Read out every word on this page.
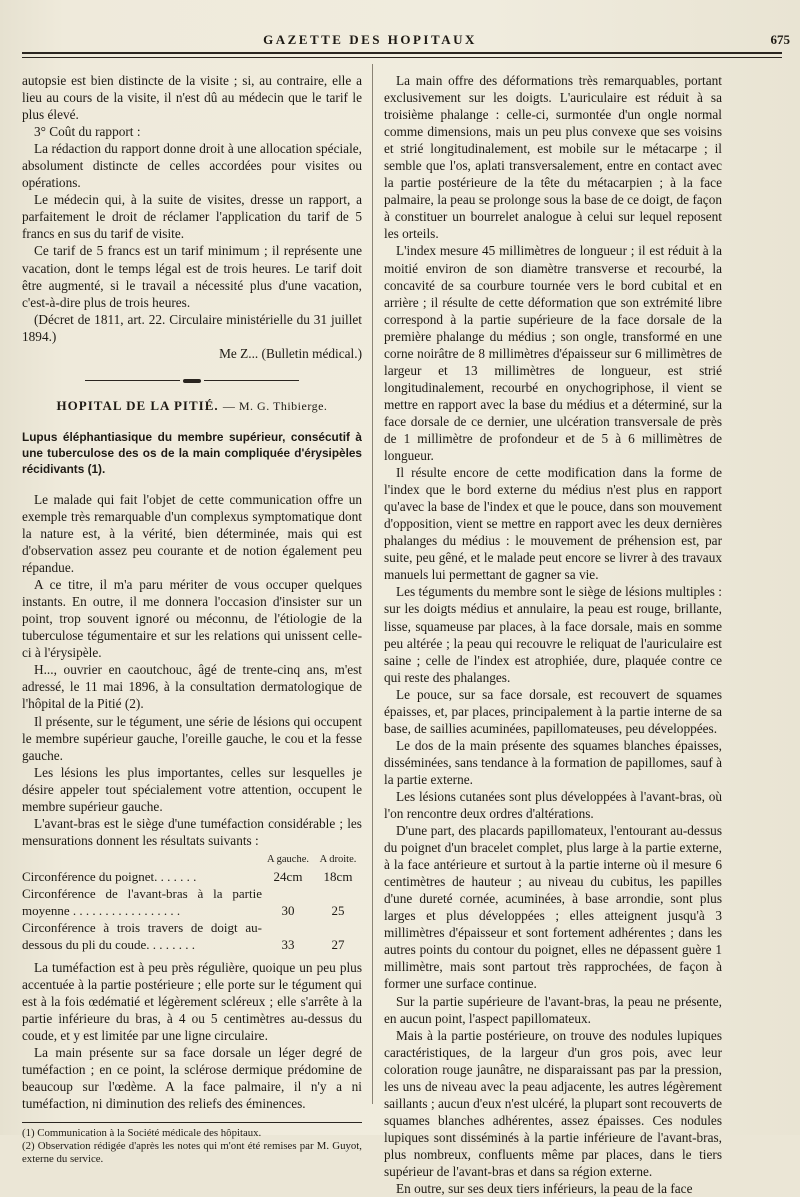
GAZETTE DES HOPITAUX	675

autopsie est bien distincte de la visite ; si, au contraire, elle a lieu au cours de la visite, il n'est dû au médecin que le tarif le plus élevé.

3° Coût du rapport :

La rédaction du rapport donne droit à une allocation spéciale, absolument distincte de celles accordées pour visites ou opérations.

Le médecin qui, à la suite de visites, dresse un rapport, a parfaitement le droit de réclamer l'application du tarif de 5 francs en sus du tarif de visite.

Ce tarif de 5 francs est un tarif minimum ; il représente une vacation, dont le temps légal est de trois heures. Le tarif doit être augmenté, si le travail a nécessité plus d'une vacation, c'est-à-dire plus de trois heures.

(Décret de 1811, art. 22. Circulaire ministérielle du 31 juillet 1894.)

Me Z... (Bulletin médical.)

HOPITAL DE LA PITIÉ. — M. G. Thibierge.
Lupus éléphantiasique du membre supérieur, consécutif à une tuberculose des os de la main compliquée d'érysipèles récidivants (1).

Le malade qui fait l'objet de cette communication offre un exemple très remarquable d'un complexus symptomatique dont la nature est, à la vérité, bien déterminée, mais qui est d'observation assez peu courante et de notion également peu répandue.

A ce titre, il m'a paru mériter de vous occuper quelques instants. En outre, il me donnera l'occasion d'insister sur un point, trop souvent ignoré ou méconnu, de l'étiologie de la tuberculose tégumentaire et sur les relations qui unissent celle-ci à l'érysipèle.

H..., ouvrier en caoutchouc, âgé de trente-cinq ans, m'est adressé, le 11 mai 1896, à la consultation dermatologique de l'hôpital de la Pitié (2).

Il présente, sur le tégument, une série de lésions qui occupent le membre supérieur gauche, l'oreille gauche, le cou et la fesse gauche.

Les lésions les plus importantes, celles sur lesquelles je désire appeler tout spécialement votre attention, occupent le membre supérieur gauche.

L'avant-bras est le siège d'une tuméfaction considérable ; les mensurations donnent les résultats suivants :

A gauche.	A droite.
Circonférence du poignet. . . . . . .	24cm	18cm
Circonférence de l'avant-bras à la partie moyenne . . . . . . . . . . . . . . . . .	30	25
Circonférence à trois travers de doigt au-dessous du pli du coude. . . . . . . .	33	27

La tuméfaction est à peu près régulière, quoique un peu plus accentuée à la partie postérieure ; elle porte sur le tégument qui est à la fois œdématié et légèrement scléreux ; elle s'arrête à la partie inférieure du bras, à 4 ou 5 centimètres au-dessus du coude, et y est limitée par une ligne circulaire.

La main présente sur sa face dorsale un léger degré de tuméfaction ; en ce point, la sclérose dermique prédomine de beaucoup sur l'œdème. A la face palmaire, il n'y a ni tuméfaction, ni diminution des reliefs des éminences.

(1) Communication à la Société médicale des hôpitaux.

(2) Observation rédigée d'après les notes qui m'ont été remises par M. Guyot, externe du service.

La main offre des déformations très remarquables, portant exclusivement sur les doigts. L'auriculaire est réduit à sa troisième phalange : celle-ci, surmontée d'un ongle normal comme dimensions, mais un peu plus convexe que ses voisins et strié longitudinalement, est mobile sur le métacarpe ; il semble que l'os, aplati transversalement, entre en contact avec la partie postérieure de la tête du métacarpien ; à la face palmaire, la peau se prolonge sous la base de ce doigt, de façon à constituer un bourrelet analogue à celui sur lequel reposent les orteils.

L'index mesure 45 millimètres de longueur ; il est réduit à la moitié environ de son diamètre transverse et recourbé, la concavité de sa courbure tournée vers le bord cubital et en arrière ; il résulte de cette déformation que son extrémité libre correspond à la partie supérieure de la face dorsale de la première phalange du médius ; son ongle, transformé en une corne noirâtre de 8 millimètres d'épaisseur sur 6 millimètres de largeur et 13 millimètres de longueur, est strié longitudinalement, recourbé en onychogriphose, il vient se mettre en rapport avec la base du médius et a déterminé, sur la face dorsale de ce dernier, une ulcération transversale de près de 1 millimètre de profondeur et de 5 à 6 millimètres de longueur.

Il résulte encore de cette modification dans la forme de l'index que le bord externe du médius n'est plus en rapport qu'avec la base de l'index et que le pouce, dans son mouvement d'opposition, vient se mettre en rapport avec les deux dernières phalanges du médius : le mouvement de préhension est, par suite, peu gêné, et le malade peut encore se livrer à des travaux manuels lui permettant de gagner sa vie.

Les téguments du membre sont le siège de lésions multiples : sur les doigts médius et annulaire, la peau est rouge, brillante, lisse, squameuse par places, à la face dorsale, mais en somme peu altérée ; la peau qui recouvre le reliquat de l'auriculaire est saine ; celle de l'index est atrophiée, dure, plaquée contre ce qui reste des phalanges.

Le pouce, sur sa face dorsale, est recouvert de squames épaisses, et, par places, principalement à la partie interne de sa base, de saillies acuminées, papillomateuses, peu développées.

Le dos de la main présente des squames blanches épaisses, disséminées, sans tendance à la formation de papillomes, sauf à la partie externe.

Les lésions cutanées sont plus développées à l'avant-bras, où l'on rencontre deux ordres d'altérations.

D'une part, des placards papillomateux, l'entourant au-dessus du poignet d'un bracelet complet, plus large à la partie externe, à la face antérieure et surtout à la partie interne où il mesure 6 centimètres de hauteur ; au niveau du cubitus, les papilles d'une dureté cornée, acuminées, à base arrondie, sont plus larges et plus développées ; elles atteignent jusqu'à 3 millimètres d'épaisseur et sont fortement adhérentes ; dans les autres points du contour du poignet, elles ne dépassent guère 1 millimètre, mais sont partout très rapprochées, de façon à former une surface continue.

Sur la partie supérieure de l'avant-bras, la peau ne présente, en aucun point, l'aspect papillomateux.

Mais à la partie postérieure, on trouve des nodules lupiques caractéristiques, de la largeur d'un gros pois, avec leur coloration rouge jaunâtre, ne disparaissant pas par la pression, les uns de niveau avec la peau adjacente, les autres légèrement saillants ; aucun d'eux n'est ulcéré, la plupart sont recouverts de squames blanches adhérentes, assez épaisses. Ces nodules lupiques sont disséminés à la partie inférieure de l'avant-bras, plus nombreux, confluents même par places, dans le tiers supérieur de l'avant-bras et dans sa région externe.

En outre, sur ses deux tiers inférieurs, la peau de la face
